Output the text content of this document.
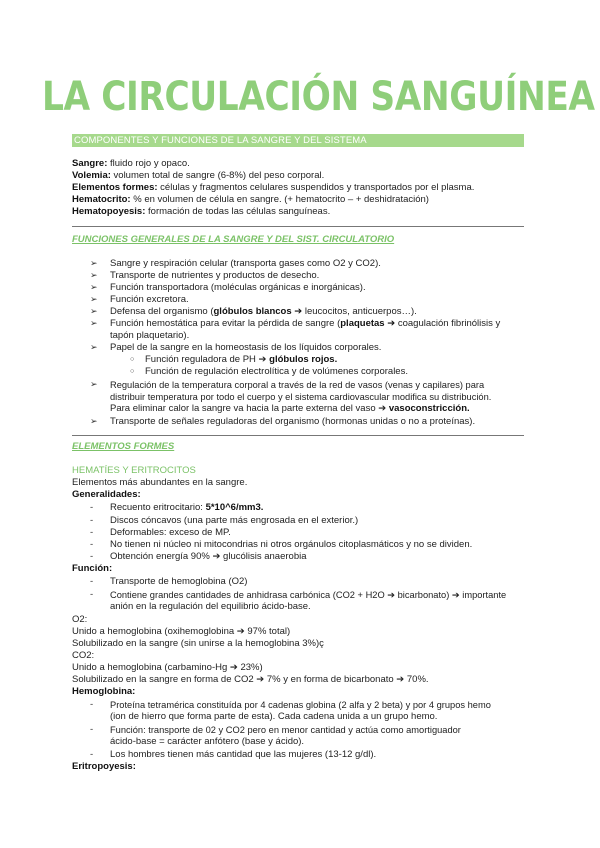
LA CIRCULACIÓN SANGUÍNEA
COMPONENTES Y FUNCIONES DE LA SANGRE Y DEL SISTEMA
Sangre: fluido rojo y opaco.
Volemia: volumen total de sangre (6-8%) del peso corporal.
Elementos formes: células y fragmentos celulares suspendidos y transportados por el plasma.
Hematocrito: % en volumen de célula en sangre. (+ hematocrito – + deshidratación)
Hematopoyesis: formación de todas las células sanguíneas.
FUNCIONES GENERALES DE LA SANGRE Y DEL SIST. CIRCULATORIO
➢ Sangre y respiración celular (transporta gases como O2 y CO2).
➢ Transporte de nutrientes y productos de desecho.
➢ Función transportadora (moléculas orgánicas e inorgánicas).
➢ Función excretora.
➢ Defensa del organismo (glóbulos blancos ➔ leucocitos, anticuerpos…).
➢ Función hemostática para evitar la pérdida de sangre (plaquetas ➔ coagulación fibrinólisis y
tapón plaquetario).
➢ Papel de la sangre en la homeostasis de los líquidos corporales.
○ Función reguladora de PH ➔ glóbulos rojos.
○ Función de regulación electrolítica y de volúmenes corporales.
➢ Regulación de la temperatura corporal a través de la red de vasos (venas y capilares) para
distribuir temperatura por todo el cuerpo y el sistema cardiovascular modifica su distribución.
Para eliminar calor la sangre va hacia la parte externa del vaso ➔ vasoconstricción.
➢ Transporte de señales reguladoras del organismo (hormonas unidas o no a proteínas).
ELEMENTOS FORMES
HEMATÍES Y ERITROCITOS
Elementos más abundantes en la sangre.
Generalidades:
- Recuento eritrocitario: 5*10^6/mm3.
- Discos cóncavos (una parte más engrosada en el exterior.)
- Deformables: exceso de MP.
- No tienen ni núcleo ni mitocondrias ni otros orgánulos citoplasmáticos y no se dividen.
- Obtención energía 90% ➔ glucólisis anaerobia
Función:
- Transporte de hemoglobina (O2)
- Contiene grandes cantidades de anhidrasa carbónica (CO2 + H2O ➔ bicarbonato) ➔ importante
anión en la regulación del equilibrio ácido-base.
O2:
Unido a hemoglobina (oxihemoglobina ➔ 97% total)
Solubilizado en la sangre (sin unirse a la hemoglobina 3%)ç
CO2:
Unido a hemoglobina (carbamino-Hg ➔ 23%)
Solubilizado en la sangre en forma de CO2 ➔ 7% y en forma de bicarbonato ➔ 70%.
Hemoglobina:
- Proteína tetramérica constituída por 4 cadenas globina (2 alfa y 2 beta) y por 4 grupos hemo
(ion de hierro que forma parte de esta). Cada cadena unida a un grupo hemo.
- Función: transporte de 02 y CO2 pero en menor cantidad y actúa como amortiguador
ácido-base = carácter anfótero (base y ácido).
- Los hombres tienen más cantidad que las mujeres (13-12 g/dl).
Eritropoyesis:
